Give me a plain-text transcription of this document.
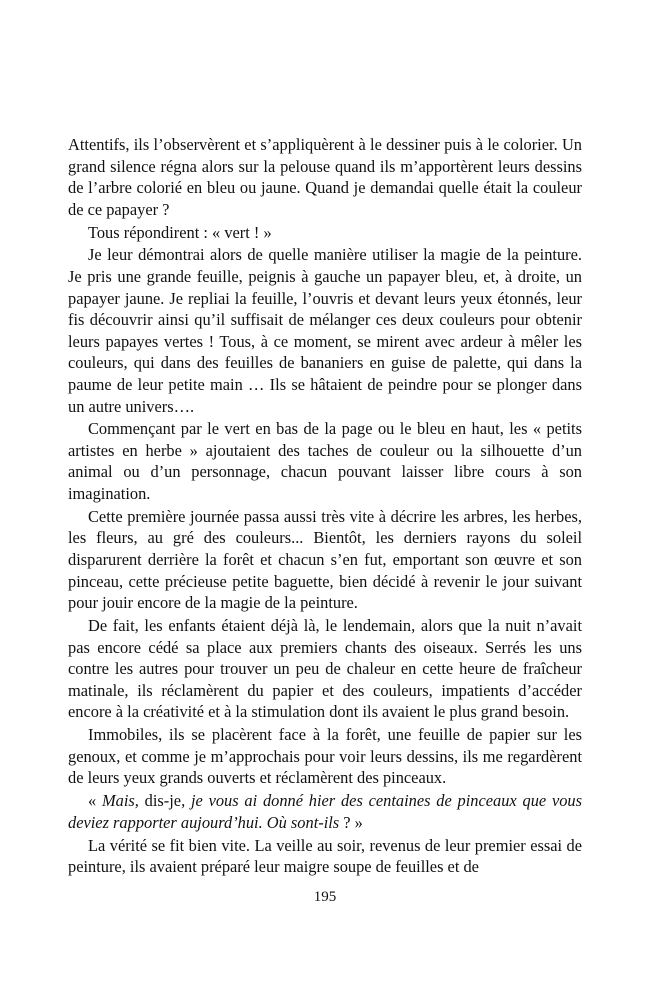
Attentifs, ils l’observèrent et s’appliquèrent à le dessiner puis à le colorier. Un grand silence régna alors sur la pelouse quand ils m’apportèrent leurs dessins de l’arbre colorié en bleu ou jaune. Quand je demandai quelle était la couleur de ce papayer ?

Tous répondirent : « vert ! »

Je leur démontrai alors de quelle manière utiliser la magie de la peinture. Je pris une grande feuille, peignis à gauche un papayer bleu, et, à droite, un papayer jaune. Je repliai la feuille, l’ouvris et devant leurs yeux étonnés, leur fis découvrir ainsi qu’il suffisait de mélanger ces deux couleurs pour obtenir leurs papayes vertes ! Tous, à ce moment, se mirent avec ardeur à mêler les couleurs, qui dans des feuilles de bananiers en guise de palette, qui dans la paume de leur petite main … Ils se hâtaient de peindre pour se plonger dans un autre univers….

Commençant par le vert en bas de la page ou le bleu en haut, les « petits artistes en herbe » ajoutaient des taches de couleur ou la silhouette d’un animal ou d’un personnage, chacun pouvant laisser libre cours à son imagination.

Cette première journée passa aussi très vite à décrire les arbres, les herbes, les fleurs, au gré des couleurs... Bientôt, les derniers rayons du soleil disparurent derrière la forêt et chacun s’en fut, emportant son œuvre et son pinceau, cette précieuse petite baguette, bien décidé à revenir le jour suivant pour jouir encore de la magie de la peinture.

De fait, les enfants étaient déjà là, le lendemain, alors que la nuit n’avait pas encore cédé sa place aux premiers chants des oiseaux. Serrés les uns contre les autres pour trouver un peu de chaleur en cette heure de fraîcheur matinale, ils réclamèrent du papier et des couleurs, impatients d’accéder encore à la créativité et à la stimulation dont ils avaient le plus grand besoin.

Immobiles, ils se placèrent face à la forêt, une feuille de papier sur les genoux, et comme je m’approchais pour voir leurs dessins, ils me regardèrent de leurs yeux grands ouverts et réclamèrent des pinceaux.

« Mais, dis-je, je vous ai donné hier des centaines de pinceaux que vous deviez rapporter aujourd’hui. Où sont-ils ? »

La vérité se fit bien vite. La veille au soir, revenus de leur premier essai de peinture, ils avaient préparé leur maigre soupe de feuilles et de

195
